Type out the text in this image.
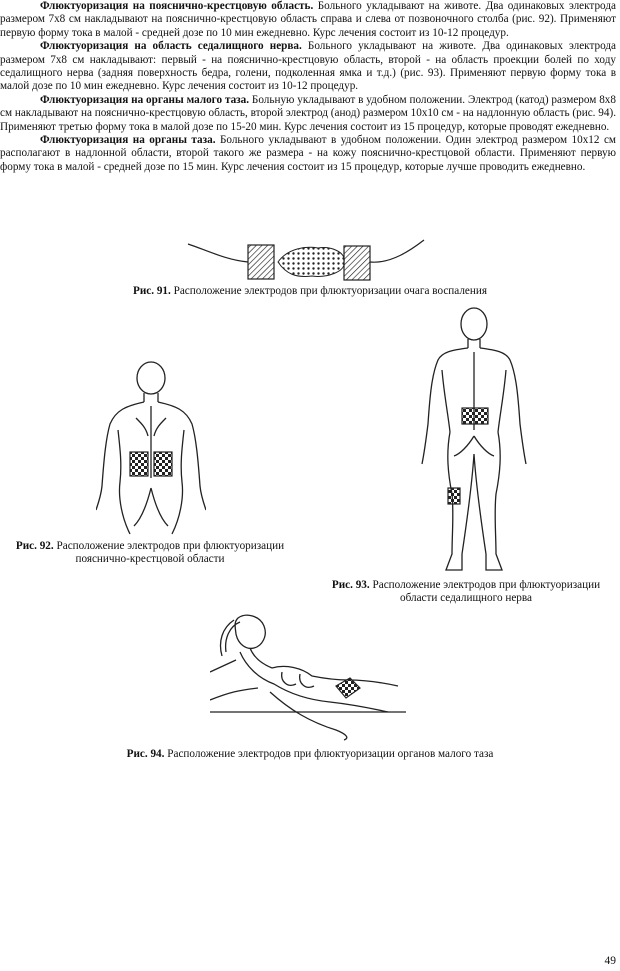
Флюктуоризация на пояснично-крестцовую область. Больного укладывают на животе. Два одинаковых электрода размером 7х8 см накладывают на пояснично-крестцовую область справа и слева от позвоночного столба (рис. 92). Применяют первую форму тока в малой - средней дозе по 10 мин ежедневно. Курс лечения состоит из 10-12 процедур.

Флюктуоризация на область седалищного нерва. Больного укладывают на животе. Два одинаковых электрода размером 7х8 см накладывают: первый - на пояснично-крестцовую область, второй - на область проекции болей по ходу седалищного нерва (задняя поверхность бедра, голени, подколенная ямка и т.д.) (рис. 93). Применяют первую форму тока в малой дозе по 10 мин ежедневно. Курс лечения состоит из 10-12 процедур.

Флюктуоризация на органы малого таза. Больную укладывают в удобном положении. Электрод (катод) размером 8х8 см накладывают на пояснично-крестцовую область, второй электрод (анод) размером 10х10 см - на надлонную область (рис. 94). Применяют третью форму тока в малой дозе по 15-20 мин. Курс лечения состоит из 15 процедур, которые проводят ежедневно.

Флюктуоризация на органы таза. Больного укладывают в удобном положении. Один электрод размером 10х12 см располагают в надлонной области, второй такого же размера - на кожу пояснично-крестцовой области. Применяют первую форму тока в малой - средней дозе по 15 мин. Курс лечения состоит из 15 процедур, которые лучше проводить ежедневно.

Рис. 91. Расположение электродов при флюктуоризации очага воспаления
Рис. 92. Расположение электродов при флюктуоризации
пояснично-крестцовой области
Рис. 93. Расположение электродов при флюктуоризации
области седалищного нерва
Рис. 94. Расположение электродов при флюктуоризации органов малого таза
49
